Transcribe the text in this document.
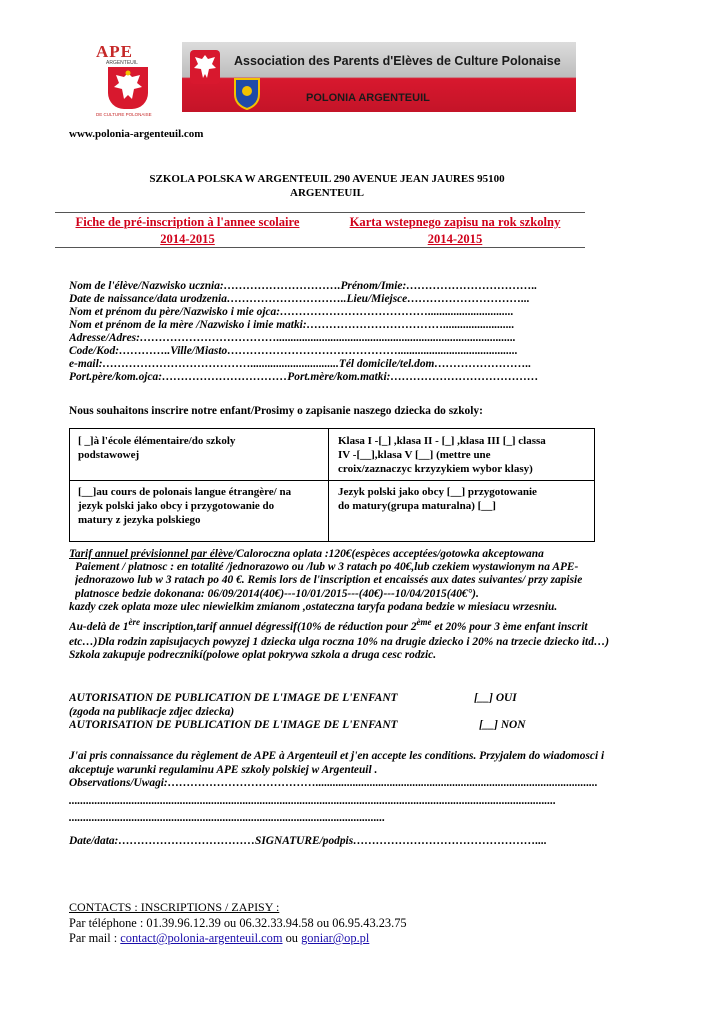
APE
ARGENTEUIL
DE CULTURE POLONAISE
Association des Parents d'Elèves de Culture Polonaise
POLONIA ARGENTEUIL
www.polonia-argenteuil.com
SZKOLA POLSKA W ARGENTEUIL 290 AVENUE JEAN JAURES 95100
ARGENTEUIL
Fiche de pré-inscription à l'annee scolaire
2014-2015
Karta wstepnego zapisu na rok szkolny
2014-2015
Nom de l'élève/Nazwisko ucznia:………………………….Prénom/Imie:……………………………..
Date de naissance/data urodzenia…………………………..Lieu/Miejsce…………………………...
Nom et prénom du père/Nazwisko i mie ojca:…………………………………..............................
Nom et prénom de la mère /Nazwisko i imie matki:……………………………….........................
Adresse/Adres:………………………………....................................................................................
Code/Kod:…………..Ville/Miasto………………………………………..........................................
e-mail:…………………………………...............................Tél domicile/tel.dom……………………..
Port.père/kom.ojca:……………………………Port.mère/kom.matki:…………………………………
Nous souhaitons inscrire notre enfant/Prosimy o zapisanie naszego dziecka do szkoly:
[ _]à l'école élémentaire/do szkoly
podstawowej
Klasa I -[_] ,klasa II - [_] ,klasa III [_] classa
IV -[__],klasa V [__] (mettre une
croix/zaznaczyc krzyzykiem wybor klasy)
[__]au cours de polonais langue étrangère/ na
jezyk polski jako obcy i przygotowanie do
matury z jezyka polskiego
Jezyk polski jako obcy [__] przygotowanie
do matury(grupa maturalna) [__]
Tarif annuel prévisionnel par élève/Caloroczna oplata :120€(espèces acceptées/gotowka akceptowana
Paiement / platnosc : en totalité /jednorazowo ou /lub w 3 ratach po 40€,lub czekiem wystawionym na APE-
jednorazowo lub w 3 ratach po 40 €. Remis lors de l'inscription et encaissés aux dates suivantes/ przy zapisie
platnosce bedzie dokonana: 06/09/2014(40€)---10/01/2015---(40€)---10/04/2015(40€°).
kazdy czek oplata moze ulec niewielkim zmianom ,ostateczna taryfa podana bedzie w miesiacu wrzesniu.
Au-delà de 1ère inscription,tarif annuel dégressif(10% de réduction pour 2ème et 20% pour 3 ème enfant inscrit
etc…)Dla rodzin zapisujacych powyzej 1 dziecka ulga roczna 10% na drugie dziecko i 20% na trzecie dziecko itd…)
Szkola zakupuje podrecznikí(polowe oplat pokrywa szkola a druga cesc rodzic.
AUTORISATION DE PUBLICATION DE L'IMAGE DE L'ENFANT	[__] OUI
(zgoda na publikacje zdjec dziecka)
AUTORISATION DE PUBLICATION DE L'IMAGE DE L'ENFANT	[__] NON
J'ai pris connaissance du règlement de APE à Argenteuil et j'en accepte les conditions. Przyjalem do wiadomosci i
akceptuje warunki regulaminu APE szkoly polskiej w Argenteuil .
Observations/Uwagi:…………………………………...................................................................................................
...........................................................................................................................................................................
...............................................................................................................
Date/data:………………………………SIGNATURE/podpis…………………………………………....
CONTACTS : INSCRIPTIONS / ZAPISY :
Par téléphone : 01.39.96.12.39 ou 06.32.33.94.58 ou 06.95.43.23.75
Par mail : contact@polonia-argenteuil.com ou goniar@op.pl
